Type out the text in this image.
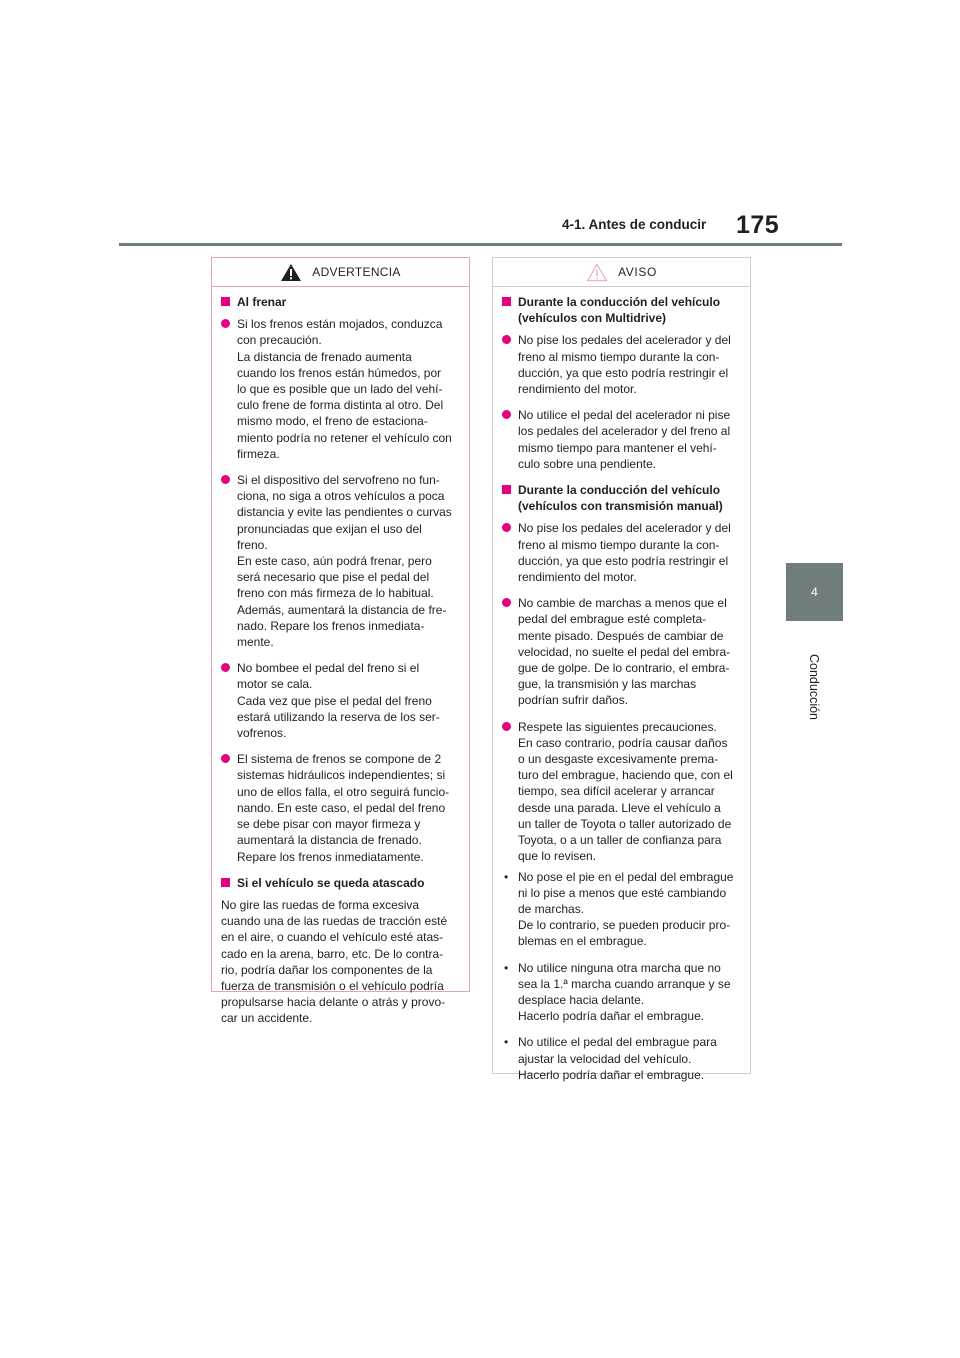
4-1. Antes de conducir 175
4
Conducción
ADVERTENCIA
Al frenar
Si los frenos están mojados, conduzca
con precaución.
La distancia de frenado aumenta
cuando los frenos están húmedos, por
lo que es posible que un lado del vehí-
culo frene de forma distinta al otro. Del
mismo modo, el freno de estaciona-
miento podría no retener el vehículo con
firmeza.
Si el dispositivo del servofreno no fun-
ciona, no siga a otros vehículos a poca
distancia y evite las pendientes o curvas
pronunciadas que exijan el uso del
freno.
En este caso, aún podrá frenar, pero
será necesario que pise el pedal del
freno con más firmeza de lo habitual.
Además, aumentará la distancia de fre-
nado. Repare los frenos inmediata-
mente.
No bombee el pedal del freno si el
motor se cala.
Cada vez que pise el pedal del freno
estará utilizando la reserva de los ser-
vofrenos.
El sistema de frenos se compone de 2
sistemas hidráulicos independientes; si
uno de ellos falla, el otro seguirá funcio-
nando. En este caso, el pedal del freno
se debe pisar con mayor firmeza y
aumentará la distancia de frenado.
Repare los frenos inmediatamente.
Si el vehículo se queda atascado
No gire las ruedas de forma excesiva
cuando una de las ruedas de tracción esté
en el aire, o cuando el vehículo esté atas-
cado en la arena, barro, etc. De lo contra-
rio, podría dañar los componentes de la
fuerza de transmisión o el vehículo podría
propulsarse hacia delante o atrás y provo-
car un accidente.
AVISO
Durante la conducción del vehículo
(vehículos con Multidrive)
No pise los pedales del acelerador y del
freno al mismo tiempo durante la con-
ducción, ya que esto podría restringir el
rendimiento del motor.
No utilice el pedal del acelerador ni pise
los pedales del acelerador y del freno al
mismo tiempo para mantener el vehí-
culo sobre una pendiente.
Durante la conducción del vehículo
(vehículos con transmisión manual)
No pise los pedales del acelerador y del
freno al mismo tiempo durante la con-
ducción, ya que esto podría restringir el
rendimiento del motor.
No cambie de marchas a menos que el
pedal del embrague esté completa-
mente pisado. Después de cambiar de
velocidad, no suelte el pedal del embra-
gue de golpe. De lo contrario, el embra-
gue, la transmisión y las marchas
podrían sufrir daños.
Respete las siguientes precauciones.
En caso contrario, podría causar daños
o un desgaste excesivamente prema-
turo del embrague, haciendo que, con el
tiempo, sea difícil acelerar y arrancar
desde una parada. Lleve el vehículo a
un taller de Toyota o taller autorizado de
Toyota, o a un taller de confianza para
que lo revisen.
• No pose el pie en el pedal del embrague
ni lo pise a menos que esté cambiando
de marchas.
De lo contrario, se pueden producir pro-
blemas en el embrague.
• No utilice ninguna otra marcha que no
sea la 1.ª marcha cuando arranque y se
desplace hacia delante.
Hacerlo podría dañar el embrague.
• No utilice el pedal del embrague para
ajustar la velocidad del vehículo.
Hacerlo podría dañar el embrague.
